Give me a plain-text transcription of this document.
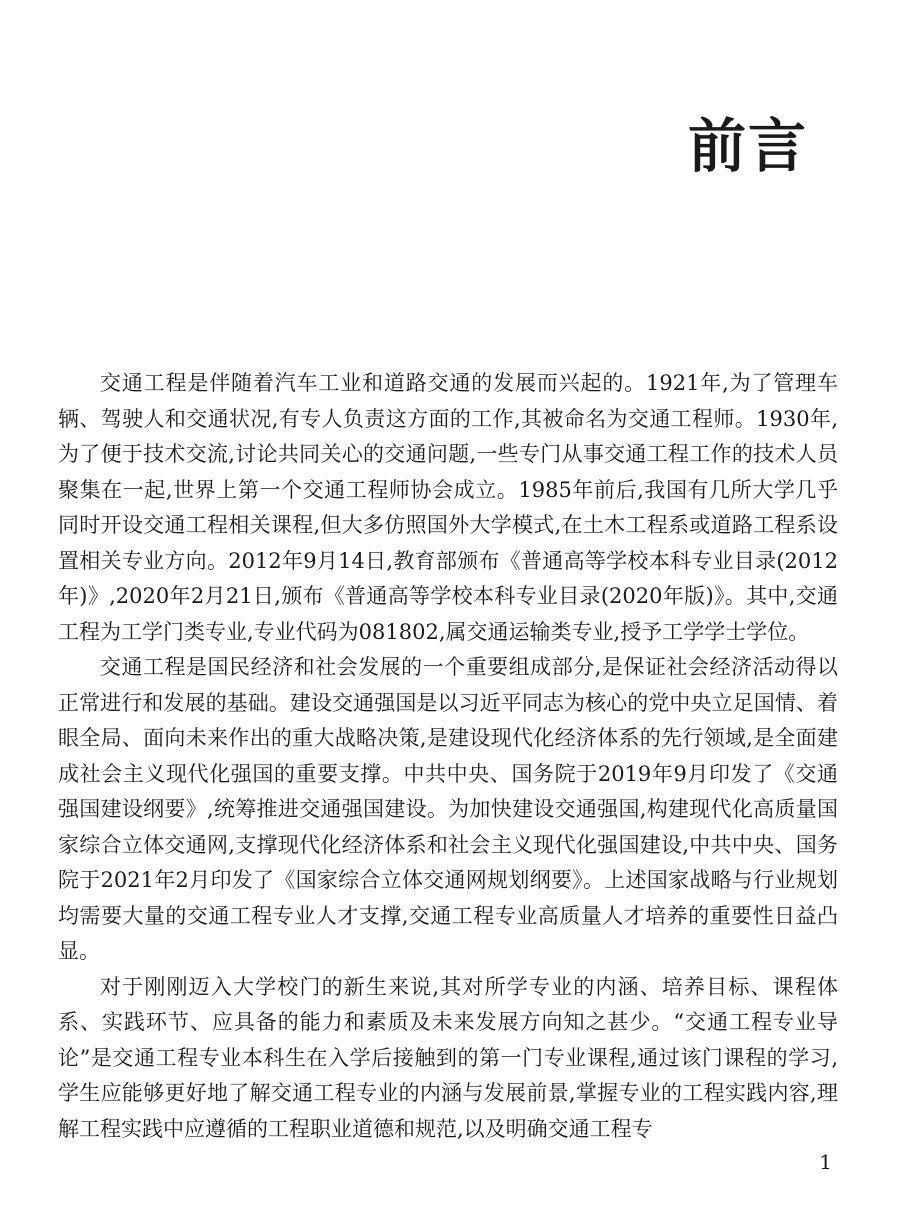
前言

交通工程是伴随着汽车工业和道路交通的发展而兴起的。1921年,为了管理车辆、驾驶人和交通状况,有专人负责这方面的工作,其被命名为交通工程师。1930年,为了便于技术交流,讨论共同关心的交通问题,一些专门从事交通工程工作的技术人员聚集在一起,世界上第一个交通工程师协会成立。1985年前后,我国有几所大学几乎同时开设交通工程相关课程,但大多仿照国外大学模式,在土木工程系或道路工程系设置相关专业方向。2012年9月14日,教育部颁布《普通高等学校本科专业目录(2012年)》,2020年2月21日,颁布《普通高等学校本科专业目录(2020年版)》。其中,交通工程为工学门类专业,专业代码为081802,属交通运输类专业,授予工学学士学位。

交通工程是国民经济和社会发展的一个重要组成部分,是保证社会经济活动得以正常进行和发展的基础。建设交通强国是以习近平同志为核心的党中央立足国情、着眼全局、面向未来作出的重大战略决策,是建设现代化经济体系的先行领域,是全面建成社会主义现代化强国的重要支撑。中共中央、国务院于2019年9月印发了《交通强国建设纲要》,统筹推进交通强国建设。为加快建设交通强国,构建现代化高质量国家综合立体交通网,支撑现代化经济体系和社会主义现代化强国建设,中共中央、国务院于2021年2月印发了《国家综合立体交通网规划纲要》。上述国家战略与行业规划均需要大量的交通工程专业人才支撑,交通工程专业高质量人才培养的重要性日益凸显。

对于刚刚迈入大学校门的新生来说,其对所学专业的内涵、培养目标、课程体系、实践环节、应具备的能力和素质及未来发展方向知之甚少。“交通工程专业导论”是交通工程专业本科生在入学后接触到的第一门专业课程,通过该门课程的学习,学生应能够更好地了解交通工程专业的内涵与发展前景,掌握专业的工程实践内容,理解工程实践中应遵循的工程职业道德和规范,以及明确交通工程专

1
